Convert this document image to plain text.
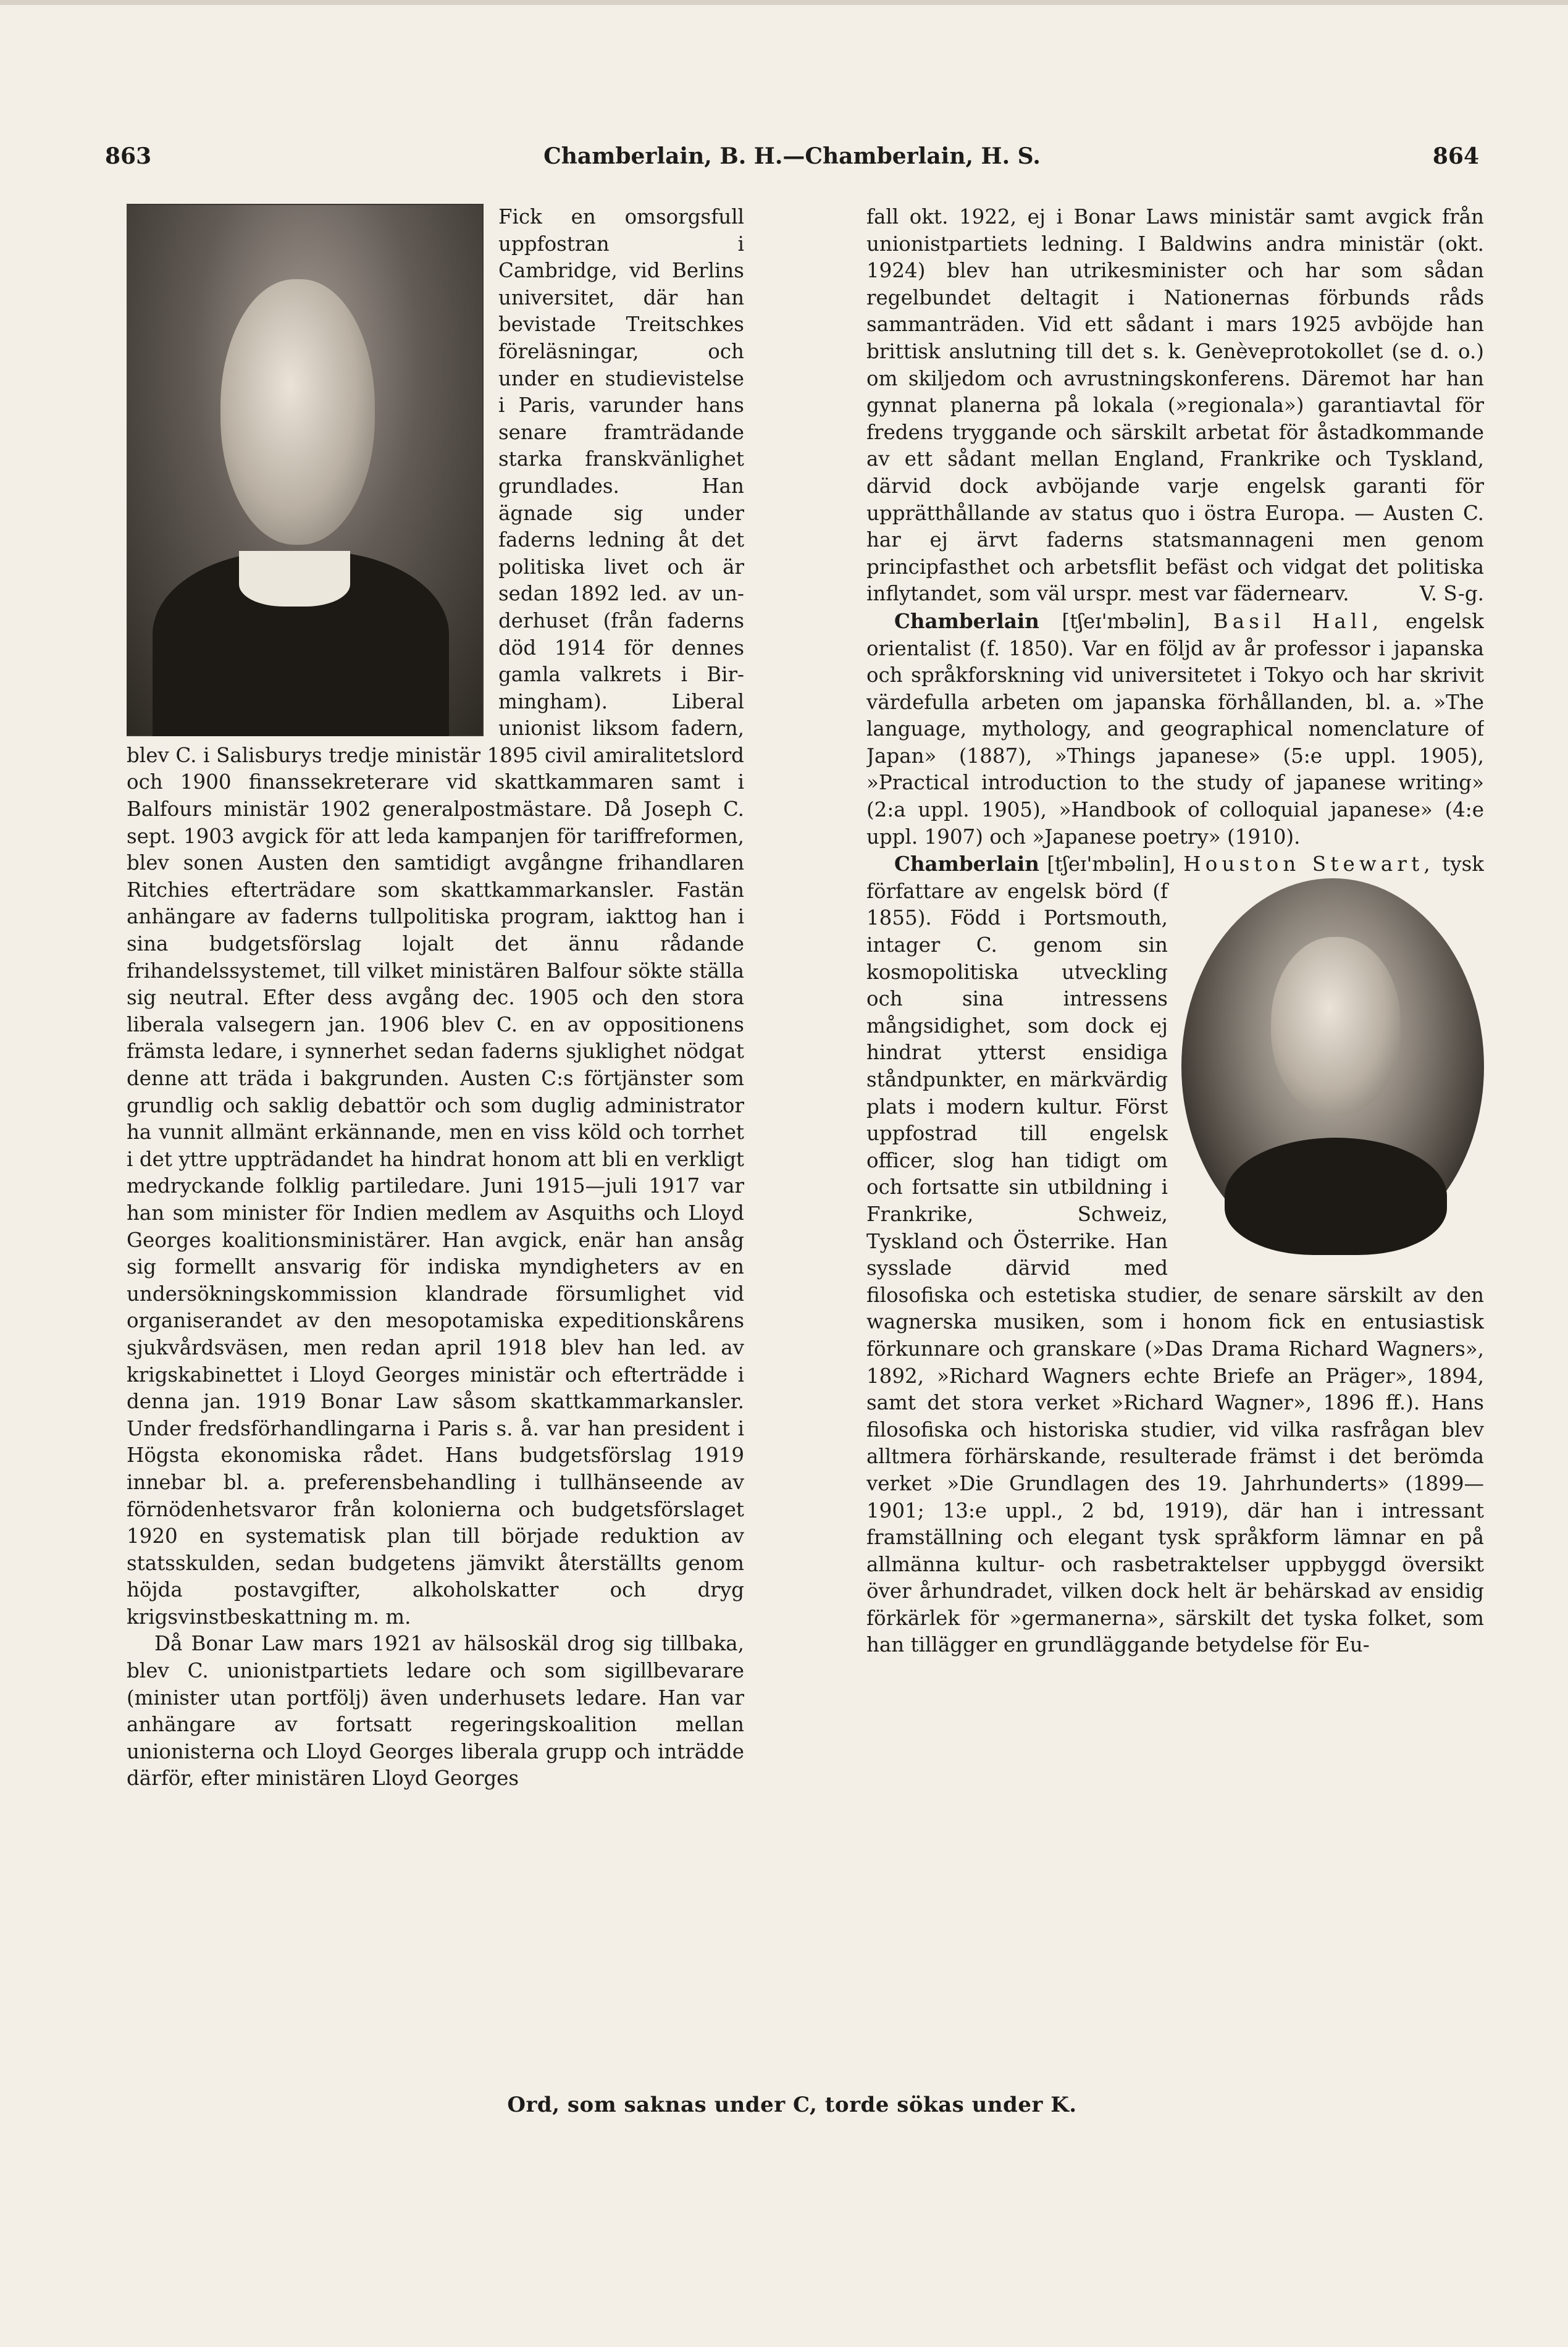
863	Chamberlain, B. H.—Chamberlain, H. S.	864

Fick en omsorgsfull uppfostran i Cambridge, vid Berlins universitet, där han bevistade Treitschkes föreläsningar, och under en studievistelse i Paris, varunder hans senare framträdande starka franskvänlighet grundlades. Han ägnade sig under faderns ledning åt det politiska livet och är sedan 1892 led. av underhuset (från faderns död 1914 för dennes gamla valkrets i Birmingham). Liberal unionist liksom fadern, blev C. i Salisburys tredje ministär 1895 civil amiralitetslord och 1900 finanssekreterare vid skattkammaren samt i Balfours ministär 1902 generalpostmästare. Då Joseph C. sept. 1903 avgick för att leda kampanjen för tariffreformen, blev sonen Austen den samtidigt avgångne frihandlaren Ritchies efterträdare som skattkammarkansler. Fastän anhängare av faderns tullpolitiska program, iakttog han i sina budgetsförslag lojalt det ännu rådande frihandelssystemet, till vilket ministären Balfour sökte ställa sig neutral. Efter dess avgång dec. 1905 och den stora liberala valsegern jan. 1906 blev C. en av oppositionens främsta ledare, i synnerhet sedan faderns sjuklighet nödgat denne att träda i bakgrunden. Austen C:s förtjänster som grundlig och saklig debattör och som duglig administrator ha vunnit allmänt erkännande, men en viss köld och torrhet i det yttre uppträdandet ha hindrat honom att bli en verkligt medryckande folklig partiledare. Juni 1915—juli 1917 var han som minister för Indien medlem av Asquiths och Lloyd Georges koalitionsministärer. Han avgick, enär han ansåg sig formellt ansvarig för indiska myndigheters av en undersökningskommission klandrade försumlighet vid organiserandet av den mesopotamiska expeditionskårens sjukvårdsväsen, men redan april 1918 blev han led. av krigskabinettet i Lloyd Georges ministär och efterträdde i denna jan. 1919 Bonar Law såsom skattkammarkansler. Under fredsförhandlingarna i Paris s. å. var han president i Högsta ekonomiska rådet. Hans budgetsförslag 1919 innebar bl. a. preferensbehandling i tullhänseende av förnödenhetsvaror från kolonierna och budgetsförslaget 1920 en systematisk plan till började reduktion av statsskulden, sedan budgetens jämvikt återställts genom höjda postavgifter, alkoholskatter och dryg krigsvinstbeskattning m. m.

Då Bonar Law mars 1921 av hälsoskäl drog sig tillbaka, blev C. unionistpartiets ledare och som sigillbevarare (minister utan portfölj) även underhusets ledare. Han var anhängare av fortsatt regeringskoalition mellan unionisterna och Lloyd Georges liberala grupp och inträdde därför, efter ministären Lloyd Georges

fall okt. 1922, ej i Bonar Laws ministär samt avgick från unionistpartiets ledning. I Baldwins andra ministär (okt. 1924) blev han utrikesminister och har som sådan regelbundet deltagit i Nationernas förbunds råds sammanträden. Vid ett sådant i mars 1925 avböjde han brittisk anslutning till det s. k. Genèveprotokollet (se d. o.) om skiljedom och avrustningskonferens. Däremot har han gynnat planerna på lokala (»regionala») garantiavtal för fredens tryggande och särskilt arbetat för åstadkommande av ett sådant mellan England, Frankrike och Tyskland, därvid dock avböjande varje engelsk garanti för upprätthållande av status quo i östra Europa. — Austen C. har ej ärvt faderns statsmannageni men genom principfasthet och arbetsflit befäst och vidgat det politiska inflytandet, som väl urspr. mest var fädernearv.	V. S-g.

Chamberlain [tʃeɪ'mbəlin], Basil Hall, engelsk orientalist (f. 1850). Var en följd av år professor i japanska och språkforskning vid universitetet i Tokyo och har skrivit värdefulla arbeten om japanska förhållanden, bl. a. »The language, mythology, and geographical nomenclature of Japan» (1887), »Things japanese» (5:e uppl. 1905), »Practical introduction to the study of japanese writing» (2:a uppl. 1905), »Handbook of colloquial japanese» (4:e uppl. 1907) och »Japanese poetry» (1910).

Chamberlain [tʃeɪ'mbəlin], Houston Stewart, tysk författare av engelsk börd (f 1855). Född i Portsmouth, intager C. genom sin kosmopolitiska utveckling och sina intressens mångsidighet, som dock ej hindrat ytterst ensidiga ståndpunkter, en märkvärdig plats i modern kultur. Först uppfostrad till engelsk officer, slog han tidigt om och fortsatte sin utbildning i Frankrike, Schweiz, Tyskland och Österrike. Han sysslade därvid med filosofiska och estetiska studier, de senare särskilt av den wagnerska musiken, som i honom fick en entusiastisk förkunnare och granskare (»Das Drama Richard Wagners», 1892, »Richard Wagners echte Briefe an Präger», 1894, samt det stora verket »Richard Wagner», 1896 ff.). Hans filosofiska och historiska studier, vid vilka rasfrågan blev alltmera förhärskande, resulterade främst i det berömda verket »Die Grundlagen des 19. Jahrhunderts» (1899—1901; 13:e uppl., 2 bd, 1919), där han i intressant framställning och elegant tysk språkform lämnar en på allmänna kultur- och rasbetraktelser uppbyggd översikt över århundradet, vilken dock helt är behärskad av ensidig förkärlek för »germanerna», särskilt det tyska folket, som han tillägger en grundläggande betydelse för Eu-

Ord, som saknas under C, torde sökas under K.
